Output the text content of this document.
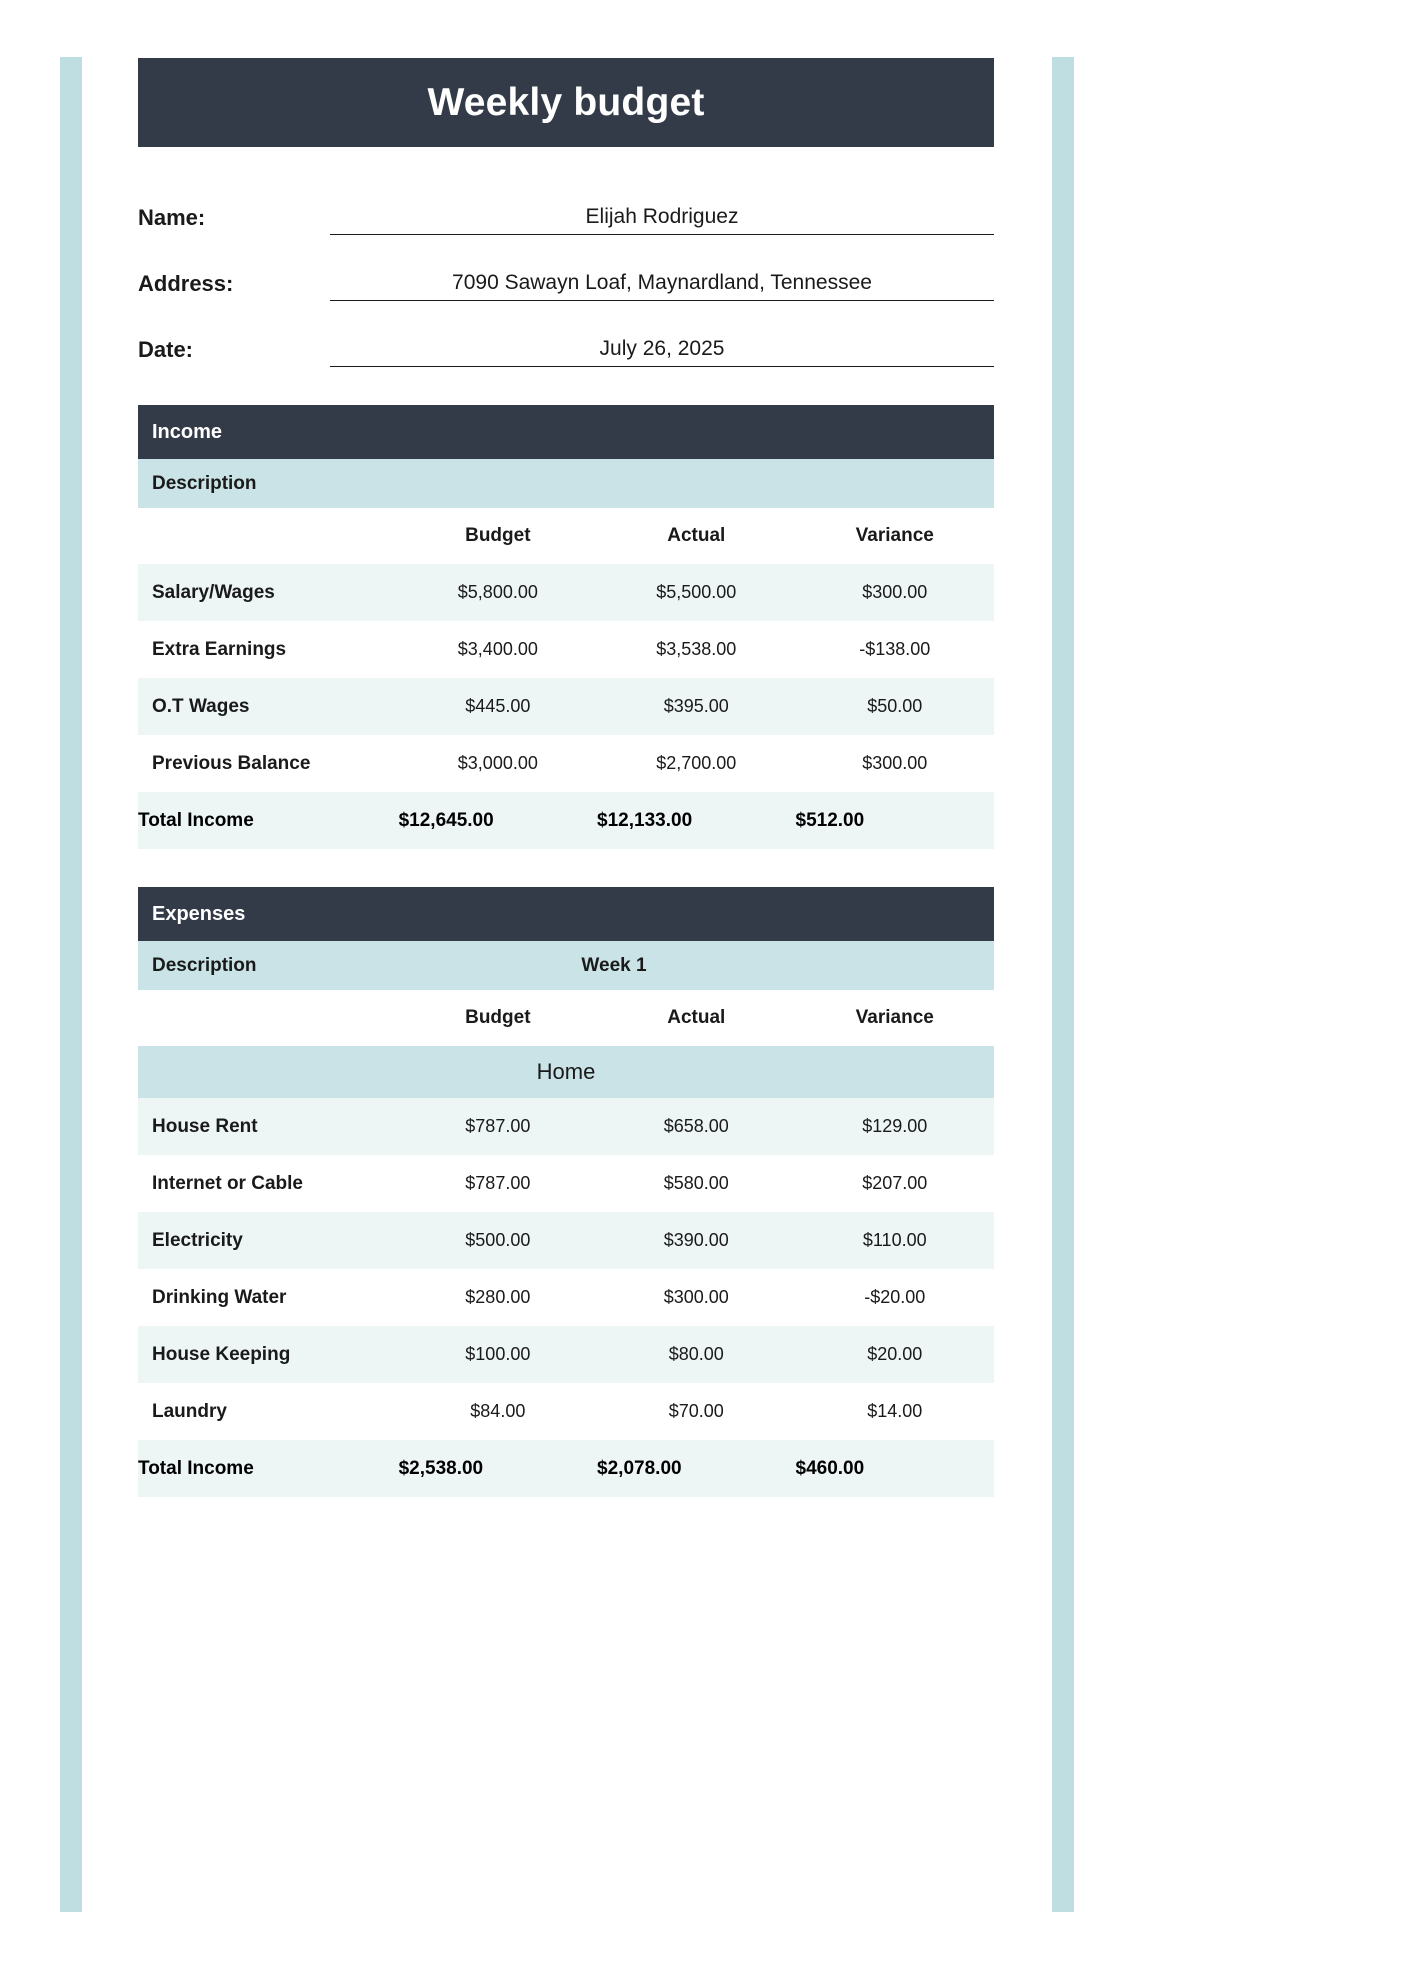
Weekly budget
Name:	Elijah Rodriguez
Address:	7090 Sawayn Loaf, Maynardland, Tennessee
Date:	July 26, 2025
Income
Description
	Budget	Actual	Variance
Salary/Wages	$5,800.00	$5,500.00	$300.00
Extra Earnings	$3,400.00	$3,538.00	-$138.00
O.T Wages	$445.00	$395.00	$50.00
Previous Balance	$3,000.00	$2,700.00	$300.00
Total Income	$12,645.00	$12,133.00	$512.00
Expenses
Description	Week 1
	Budget	Actual	Variance
Home			
House Rent	$787.00	$658.00	$129.00
Internet or Cable	$787.00	$580.00	$207.00
Electricity	$500.00	$390.00	$110.00
Drinking Water	$280.00	$300.00	-$20.00
House Keeping	$100.00	$80.00	$20.00
Laundry	$84.00	$70.00	$14.00
Total Income	$2,538.00	$2,078.00	$460.00
